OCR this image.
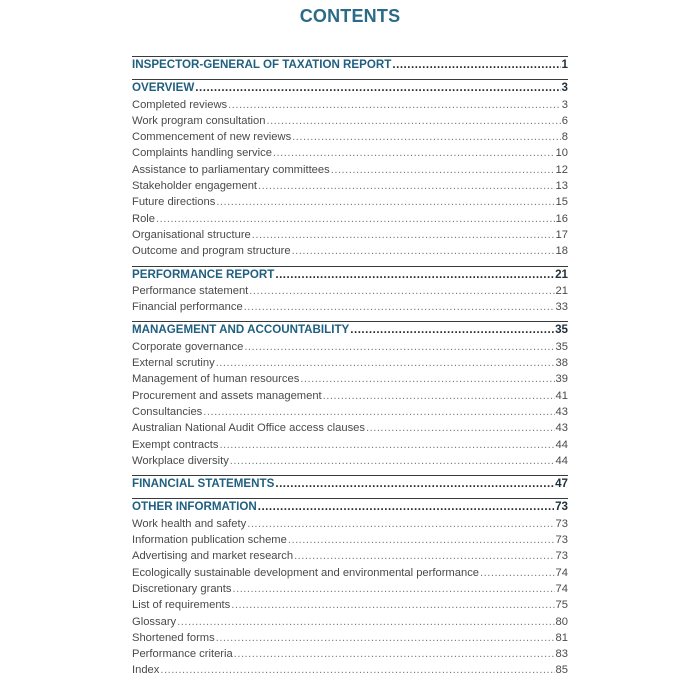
CONTENTS
INSPECTOR-GENERAL OF TAXATION REPORT .....	1
OVERVIEW .....	3
Completed reviews .....	3
Work program consultation .....	6
Commencement of new reviews .....	8
Complaints handling service .....	10
Assistance to parliamentary committees .....	12
Stakeholder engagement .....	13
Future directions .....	15
Role .....	16
Organisational structure .....	17
Outcome and program structure .....	18
PERFORMANCE REPORT .....	21
Performance statement .....	21
Financial performance .....	33
MANAGEMENT AND ACCOUNTABILITY .....	35
Corporate governance .....	35
External scrutiny .....	38
Management of human resources .....	39
Procurement and assets management .....	41
Consultancies .....	43
Australian National Audit Office access clauses .....	43
Exempt contracts .....	44
Workplace diversity .....	44
FINANCIAL STATEMENTS .....	47
OTHER INFORMATION .....	73
Work health and safety .....	73
Information publication scheme .....	73
Advertising and market research .....	73
Ecologically sustainable development and environmental performance .....	74
Discretionary grants .....	74
List of requirements .....	75
Glossary .....	80
Shortened forms .....	81
Performance criteria .....	83
Index .....	85
